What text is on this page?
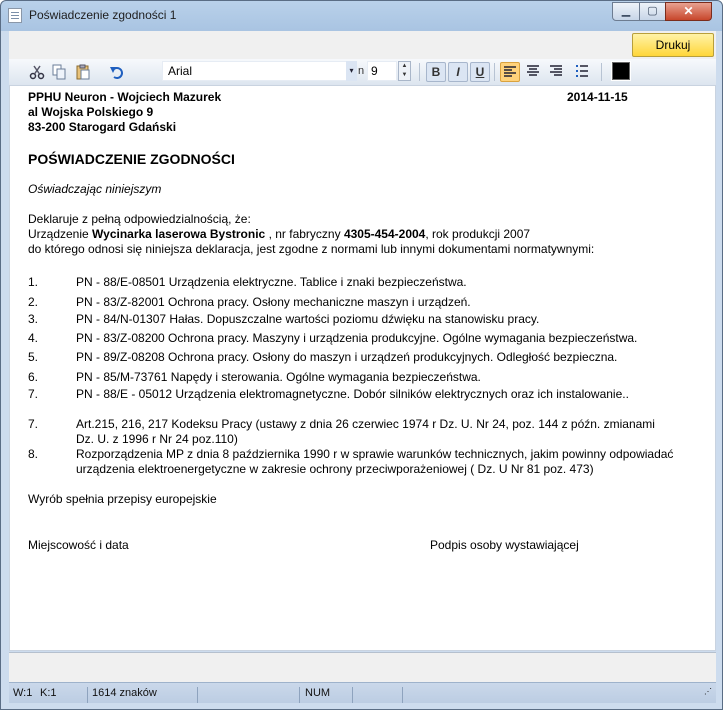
Poświadczenie zgodności 1	▁	▢	✕
Drukuj
Arial	▾ n 9	▲
▼	B	I	U
PPHU Neuron - Wojciech Mazurek	2014-11-15
al Wojska Polskiego 9
83-200 Starogard Gdański
POŚWIADCZENIE ZGODNOŚCI
Oświadczając niniejszym
Deklaruje z pełną odpowiedzialnością, że:
Urządzenie Wycinarka laserowa Bystronic , nr fabryczny 4305-454-2004, rok produkcji 2007
do którego odnosi się niniejsza deklaracja, jest zgodne z normami lub innymi dokumentami normatywnymi:
1.	PN - 88/E-08501 Urządzenia elektryczne. Tablice i znaki bezpieczeństwa.
2.	PN - 83/Z-82001 Ochrona pracy. Osłony mechaniczne maszyn i urządzeń.
3.	PN - 84/N-01307 Hałas. Dopuszczalne wartości poziomu dźwięku na stanowisku pracy.
4.	PN - 83/Z-08200 Ochrona pracy. Maszyny i urządzenia produkcyjne. Ogólne wymagania bezpieczeństwa.
5.	PN - 89/Z-08208 Ochrona pracy. Osłony do maszyn i urządzeń produkcyjnych. Odległość bezpieczna.
6.	PN - 85/M-73761 Napędy i sterowania. Ogólne wymagania bezpieczeństwa.
7.	PN - 88/E - 05012 Urządzenia elektromagnetyczne. Dobór silników elektrycznych oraz ich instalowanie..
7.	Art.215, 216, 217 Kodeksu Pracy (ustawy z dnia 26 czerwiec 1974 r Dz. U. Nr 24, poz. 144 z późn. zmianami
Dz. U. z 1996 r Nr 24 poz.110)
8.	Rozporządzenia MP z dnia 8 października 1990 r w sprawie warunków technicznych, jakim powinny odpowiadać
urządzenia elektroenergetyczne w zakresie ochrony przeciwporażeniowej ( Dz. U Nr 81 poz. 473)
Wyrób spełnia przepisy europejskie
Miejscowość i data	Podpis osoby wystawiającej
W:1 K:1	1614 znaków	NUM	⋰
